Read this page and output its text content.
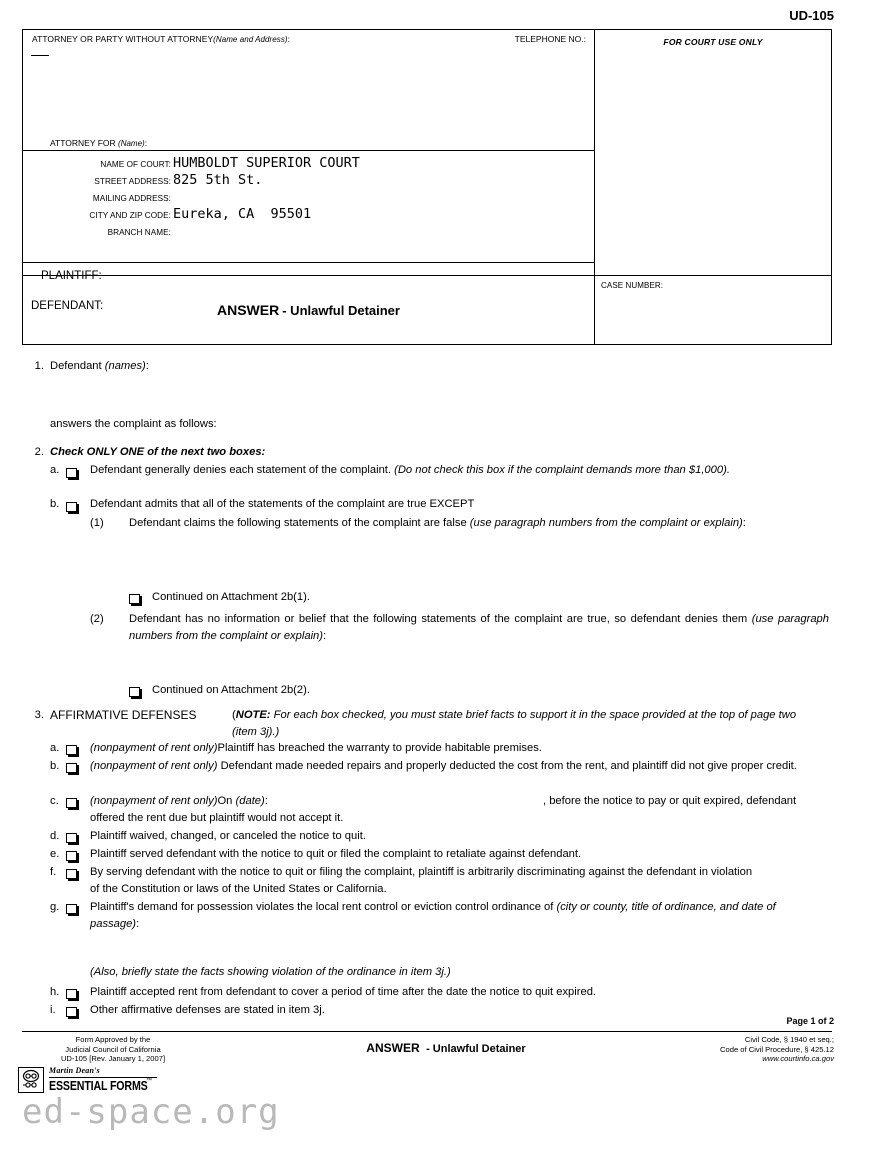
UD-105
ATTORNEY OR PARTY WITHOUT ATTORNEY(Name and Address):	TELEPHONE NO.:
ATTORNEY FOR (Name):
NAME OF COURT: HUMBOLDT SUPERIOR COURT
STREET ADDRESS: 825 5th St.
MAILING ADDRESS:
CITY AND ZIP CODE: Eureka, CA  95501
BRANCH NAME:
PLAINTIFF:
DEFENDANT:	ANSWER - Unlawful Detainer
FOR COURT USE ONLY
CASE NUMBER:
1. Defendant (names):
answers the complaint as follows:
2. Check ONLY ONE of the next two boxes:
a.	Defendant generally denies each statement of the complaint. (Do not check this box if the complaint demands more than $1,000).
b.	Defendant admits that all of the statements of the complaint are true EXCEPT
(1)	Defendant claims the following statements of the complaint are false (use paragraph numbers from the complaint or explain):
Continued on Attachment 2b(1).
(2)	Defendant has no information or belief that the following statements of the complaint are true, so defendant denies them (use paragraph numbers from the complaint or explain):
Continued on Attachment 2b(2).
3. AFFIRMATIVE DEFENSES	(NOTE: For each box checked, you must state brief facts to support it in the space provided at the top of page two (item 3j).)
a.	(nonpayment of rent only)Plaintiff has breached the warranty to provide habitable premises.
b.	(nonpayment of rent only) Defendant made needed repairs and properly deducted the cost from the rent, and plaintiff did not give proper credit.
c.	(nonpayment of rent only)On (date):	, before the notice to pay or quit expired, defendant offered the rent due but plaintiff would not accept it.
d.	Plaintiff waived, changed, or canceled the notice to quit.
e.	Plaintiff served defendant with the notice to quit or filed the complaint to retaliate against defendant.
f.	By serving defendant with the notice to quit or filing the complaint, plaintiff is arbitrarily discriminating against the defendant in violation of the Constitution or laws of the United States or California.
g.	Plaintiff's demand for possession violates the local rent control or eviction control ordinance of (city or county, title of ordinance, and date of passage):
(Also, briefly state the facts showing violation of the ordinance in item 3j.)
h.	Plaintiff accepted rent from defendant to cover a period of time after the date the notice to quit expired.
i.	Other affirmative defenses are stated in item 3j.
Page 1 of 2
Form Approved by the
Judicial Council of California
UD-105 [Rev. January 1, 2007]
ANSWER - Unlawful Detainer
Civil Code, § 1940 et seq.;
Code of Civil Procedure, § 425.12
www.courtinfo.ca.gov
Martin Dean's
ESSENTIAL FORMS
™
ed-space.org
